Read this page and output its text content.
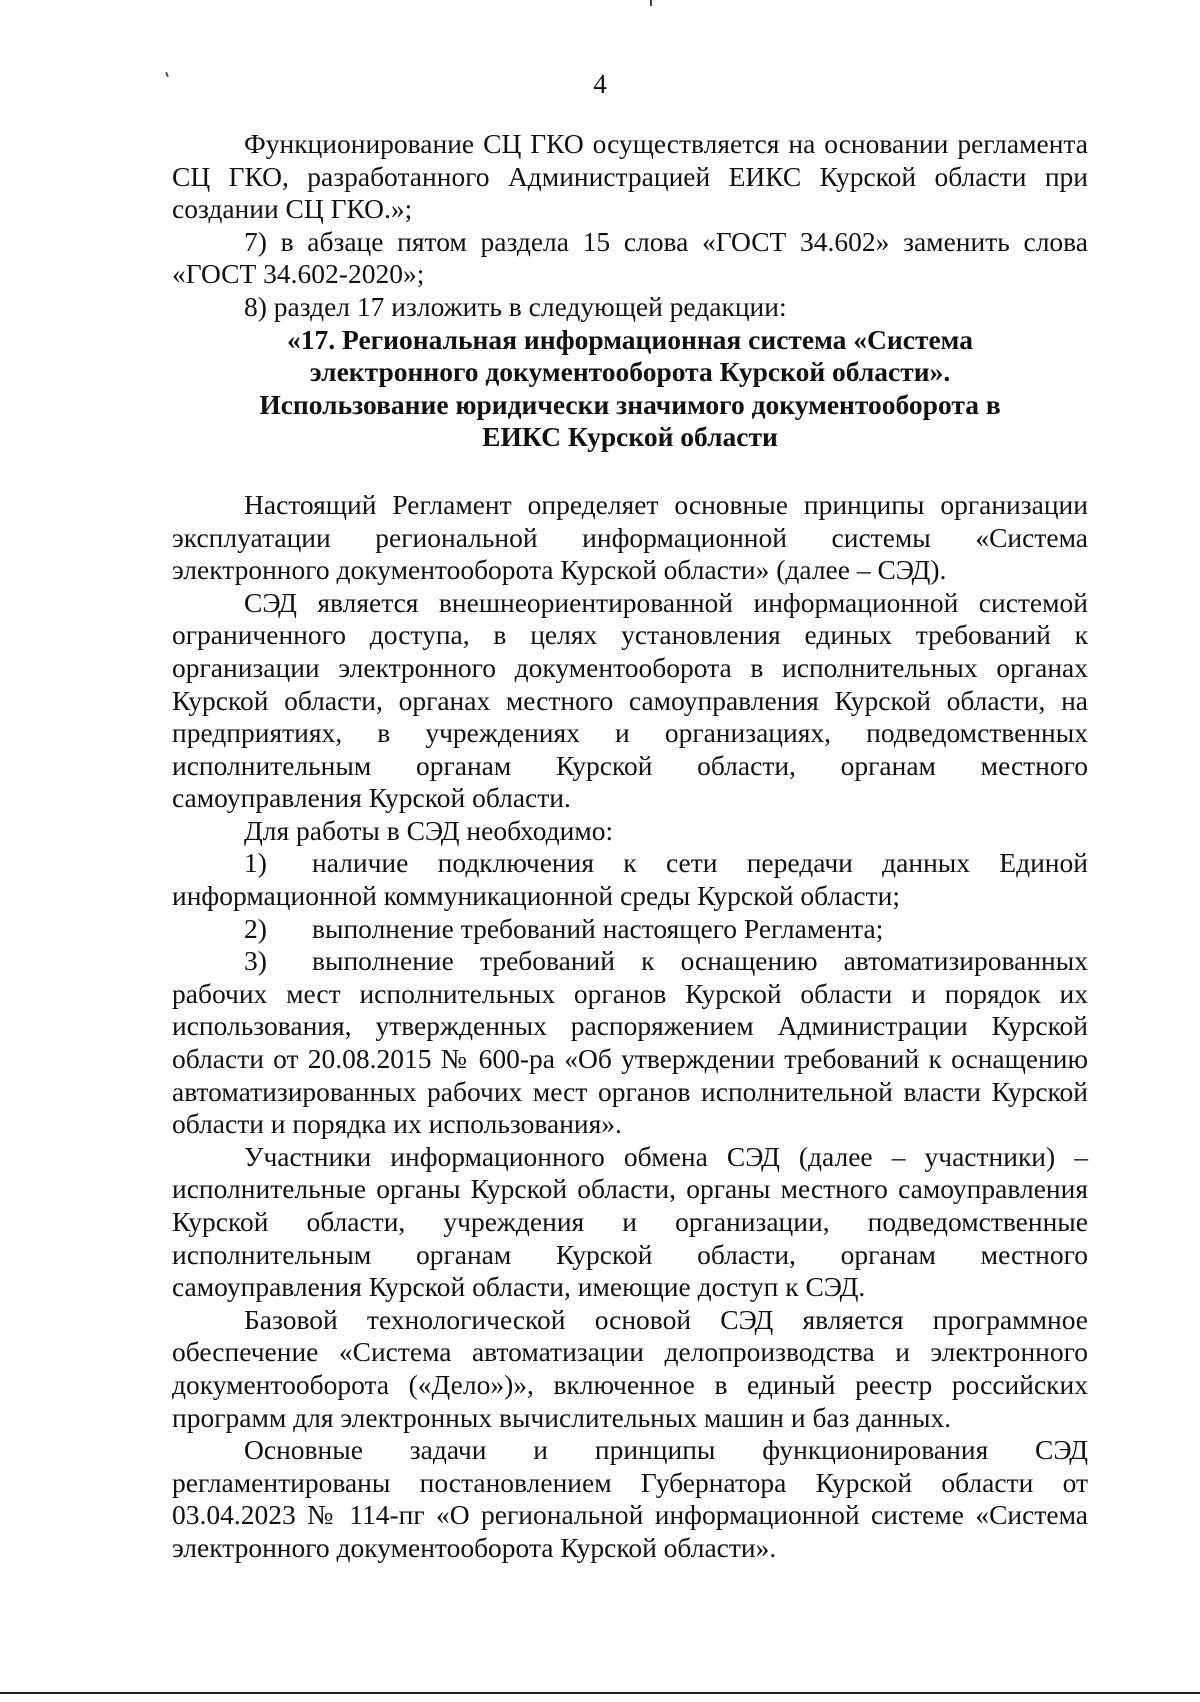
4

Функционирование СЦ ГКО осуществляется на основании регламента СЦ ГКО, разработанного Администрацией ЕИКС Курской области при создании СЦ ГКО.»;

7) в абзаце пятом раздела 15 слова «ГОСТ 34.602» заменить слова «ГОСТ 34.602-2020»;

8) раздел 17 изложить в следующей редакции:

«17. Региональная информационная система «Система
электронного документооборота Курской области».
Использование юридически значимого документооборота в
ЕИКС Курской области

Настоящий Регламент определяет основные принципы организации эксплуатации региональной информационной системы «Система электронного документооборота Курской области» (далее – СЭД).

СЭД является внешнеориентированной информационной системой ограниченного доступа, в целях установления единых требований к организации электронного документооборота в исполнительных органах Курской области, органах местного самоуправления Курской области, на предприятиях, в учреждениях и организациях, подведомственных исполнительным органам Курской области, органам местного самоуправления Курской области.

Для работы в СЭД необходимо:

1) наличие подключения к сети передачи данных Единой информационной коммуникационной среды Курской области;

2) выполнение требований настоящего Регламента;

3) выполнение требований к оснащению автоматизированных рабочих мест исполнительных органов Курской области и порядок их использования, утвержденных распоряжением Администрации Курской области от 20.08.2015 № 600-ра «Об утверждении требований к оснащению автоматизированных рабочих мест органов исполнительной власти Курской области и порядка их использования».

Участники информационного обмена СЭД (далее – участники) – исполнительные органы Курской области, органы местного самоуправления Курской области, учреждения и организации, подведомственные исполнительным органам Курской области, органам местного самоуправления Курской области, имеющие доступ к СЭД.

Базовой технологической основой СЭД является программное обеспечение «Система автоматизации делопроизводства и электронного документооборота («Дело»)», включенное в единый реестр российских программ для электронных вычислительных машин и баз данных.

Основные задачи и принципы функционирования СЭД регламентированы постановлением Губернатора Курской области от 03.04.2023 № 114-пг «О региональной информационной системе «Система электронного документооборота Курской области».
